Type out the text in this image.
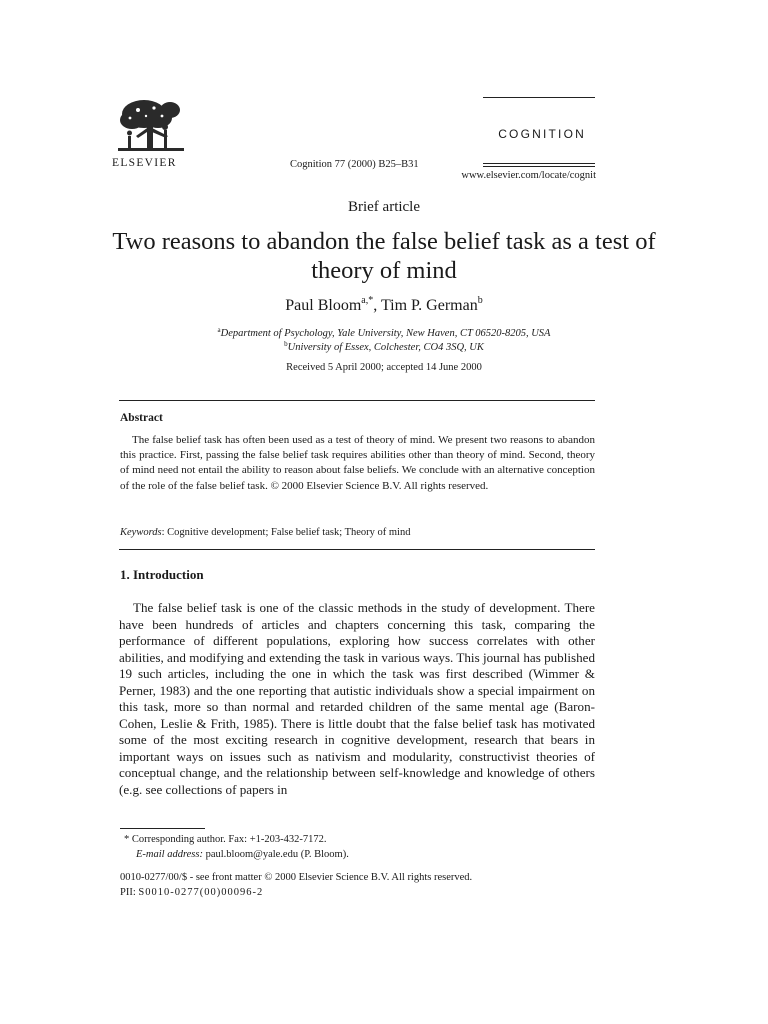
ELSEVIER	Cognition 77 (2000) B25–B31
COGNITION
www.elsevier.com/locate/cognit
Brief article
Two reasons to abandon the false belief task as a test of theory of mind
Paul Bloom$^{a,*}$, Tim P. German$^b$
$^a$Department of Psychology, Yale University, New Haven, CT 06520-8205, USA
$^b$University of Essex, Colchester, CO4 3SQ, UK
Received 5 April 2000; accepted 14 June 2000
Abstract

The false belief task has often been used as a test of theory of mind. We present two reasons to abandon this practice. First, passing the false belief task requires abilities other than theory of mind. Second, theory of mind need not entail the ability to reason about false beliefs. We conclude with an alternative conception of the role of the false belief task. © 2000 Elsevier Science B.V. All rights reserved.

Keywords: Cognitive development; False belief task; Theory of mind
1. Introduction

The false belief task is one of the classic methods in the study of development. There have been hundreds of articles and chapters concerning this task, comparing the performance of different populations, exploring how success correlates with other abilities, and modifying and extending the task in various ways. This journal has published 19 such articles, including the one in which the task was first described (Wimmer & Perner, 1983) and the one reporting that autistic individuals show a special impairment on this task, more so than normal and retarded children of the same mental age (Baron-Cohen, Leslie & Frith, 1985). There is little doubt that the false belief task has motivated some of the most exciting research in cognitive development, research that bears in important ways on issues such as nativism and modularity, constructivist theories of conceptual change, and the relationship between self-knowledge and knowledge of others (e.g. see collections of papers in

* Corresponding author. Fax: +1-203-432-7172.
E-mail address: paul.bloom@yale.edu (P. Bloom).
0010-0277/00/$ - see front matter © 2000 Elsevier Science B.V. All rights reserved.
PII: S0010-0277(00)00096-2
